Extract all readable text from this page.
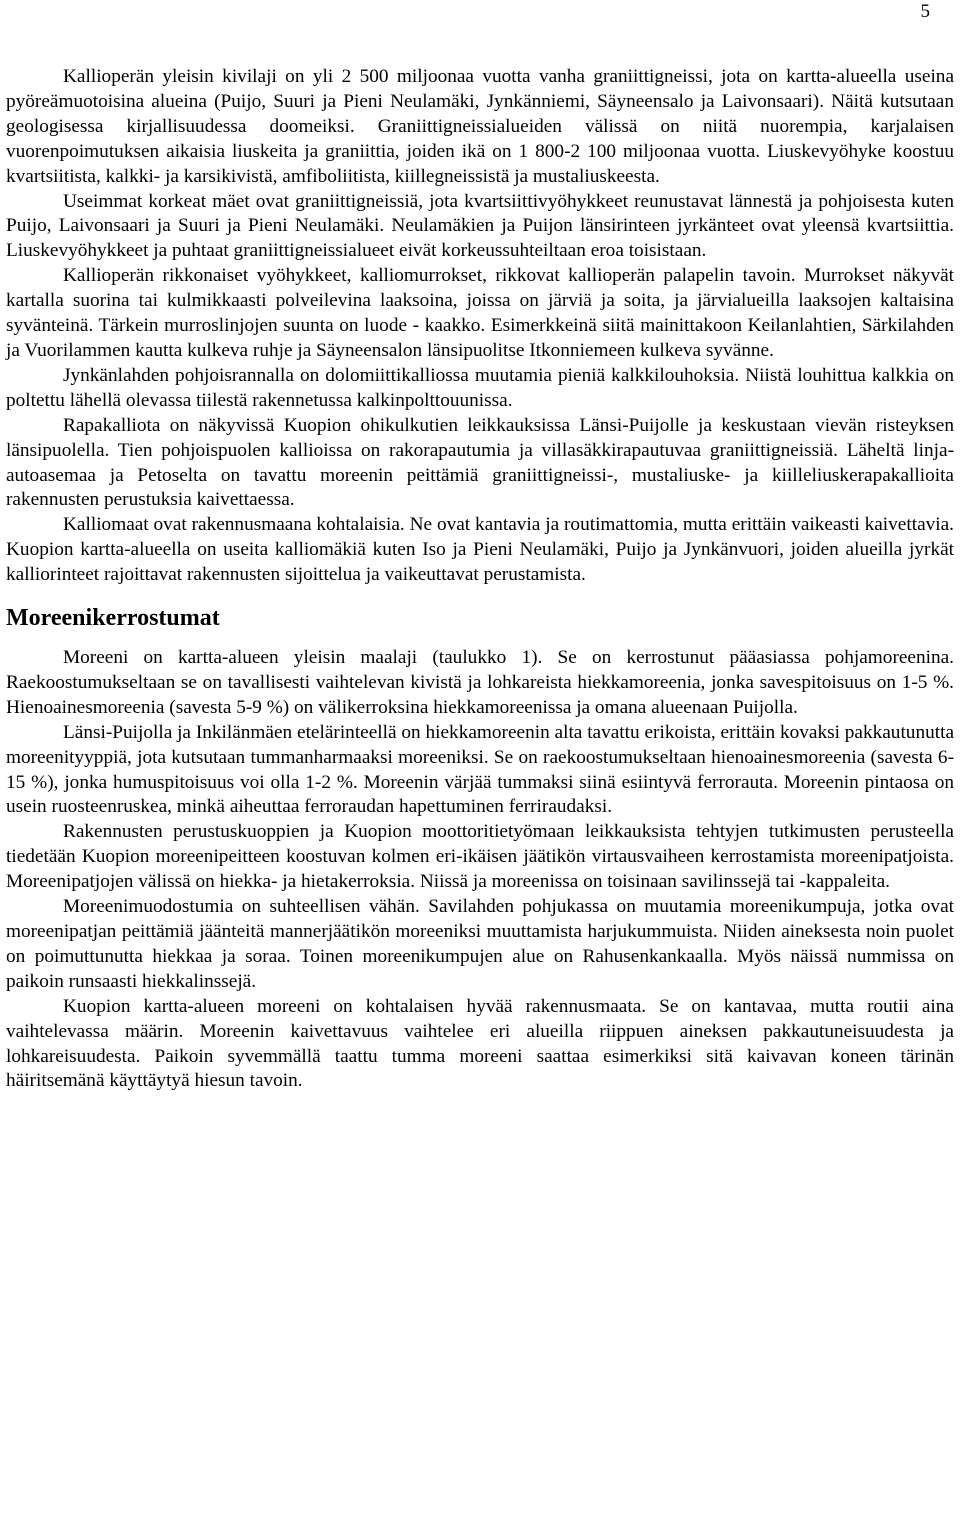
5

Kallioperän yleisin kivilaji on yli 2 500 miljoonaa vuotta vanha graniittigneissi, jota on kartta-alueella useina pyöreämuotoisina alueina (Puijo, Suuri ja Pieni Neulamäki, Jynkänniemi, Säyneensalo ja Laivonsaari). Näitä kutsutaan geologisessa kirjallisuudessa doomeiksi. Graniittigneissialueiden välissä on niitä nuorempia, karjalaisen vuorenpoimutuksen aikaisia liuskeita ja graniittia, joiden ikä on 1 800-2 100 miljoonaa vuotta. Liuskevyöhyke koostuu kvartsiitista, kalkki- ja karsikivistä, amfiboliitista, kiillegneissistä ja mustaliuskeesta.

Useimmat korkeat mäet ovat graniittigneissiä, jota kvartsiittivyöhykkeet reunustavat lännestä ja pohjoisesta kuten Puijo, Laivonsaari ja Suuri ja Pieni Neulamäki. Neulamäkien ja Puijon länsirinteen jyrkänteet ovat yleensä kvartsiittia. Liuskevyöhykkeet ja puhtaat graniittigneissialueet eivät korkeussuhteiltaan eroa toisistaan.

Kallioperän rikkonaiset vyöhykkeet, kalliomurrokset, rikkovat kallioperän palapelin tavoin. Murrokset näkyvät kartalla suorina tai kulmikkaasti polveilevina laaksoina, joissa on järviä ja soita, ja järvialueilla laaksojen kaltaisina syvänteinä. Tärkein murroslinjojen suunta on luode - kaakko. Esimerkkeinä siitä mainittakoon Keilanlahtien, Särkilahden ja Vuorilammen kautta kulkeva ruhje ja Säyneensalon länsipuolitse Itkonniemeen kulkeva syvänne.

Jynkänlahden pohjoisrannalla on dolomiittikalliossa muutamia pieniä kalkkilouhoksia. Niistä louhittua kalkkia on poltettu lähellä olevassa tiilestä rakennetussa kalkinpolttouunissa.

Rapakalliota on näkyvissä Kuopion ohikulkutien leikkauksissa Länsi-Puijolle ja keskustaan vievän risteyksen länsipuolella. Tien pohjoispuolen kallioissa on rakorapautumia ja villasäkkirapautuvaa graniittigneissiä. Läheltä linja-autoasemaa ja Petoselta on tavattu moreenin peittämiä graniittigneissi-, mustaliuske- ja kiilleliuskerapakallioita rakennusten perustuksia kaivettaessa.

Kalliomaat ovat rakennusmaana kohtalaisia. Ne ovat kantavia ja routimattomia, mutta erittäin vaikeasti kaivettavia. Kuopion kartta-alueella on useita kalliomäkiä kuten Iso ja Pieni Neulamäki, Puijo ja Jynkänvuori, joiden alueilla jyrkät kalliorinteet rajoittavat rakennusten sijoittelua ja vaikeuttavat perustamista.

Moreenikerrostumat

Moreeni on kartta-alueen yleisin maalaji (taulukko 1). Se on kerrostunut pääasiassa pohjamoreenina. Raekoostumukseltaan se on tavallisesti vaihtelevan kivistä ja lohkareista hiekkamoreenia, jonka savespitoisuus on 1-5 %. Hienoainesmoreenia (savesta 5-9 %) on välikerroksina hiekkamoreenissa ja omana alueenaan Puijolla.

Länsi-Puijolla ja Inkilänmäen etelärinteellä on hiekkamoreenin alta tavattu erikoista, erittäin kovaksi pakkautunutta moreenityyppiä, jota kutsutaan tummanharmaaksi moreeniksi. Se on raekoostumukseltaan hienoainesmoreenia (savesta 6-15 %), jonka humuspitoisuus voi olla 1-2 %. Moreenin värjää tummaksi siinä esiintyvä ferrorauta. Moreenin pintaosa on usein ruosteenruskea, minkä aiheuttaa ferroraudan hapettuminen ferriraudaksi.

Rakennusten perustuskuoppien ja Kuopion moottoritietyömaan leikkauksista tehtyjen tutkimusten perusteella tiedetään Kuopion moreenipeitteen koostuvan kolmen eri-ikäisen jäätikön virtausvaiheen kerrostamista moreenipatjoista. Moreenipatjojen välissä on hiekka- ja hietakerroksia. Niissä ja moreenissa on toisinaan savilinssejä tai -kappaleita.

Moreenimuodostumia on suhteellisen vähän. Savilahden pohjukassa on muutamia moreenikumpuja, jotka ovat moreenipatjan peittämiä jäänteitä mannerjäätikön moreeniksi muuttamista harjukummuista. Niiden aineksesta noin puolet on poimuttunutta hiekkaa ja soraa. Toinen moreenikumpujen alue on Rahusenkankaalla. Myös näissä nummissa on paikoin runsaasti hiekkalinssejä.

Kuopion kartta-alueen moreeni on kohtalaisen hyvää rakennusmaata. Se on kantavaa, mutta routii aina vaihtelevassa määrin. Moreenin kaivettavuus vaihtelee eri alueilla riippuen aineksen pakkautuneisuudesta ja lohkareisuudesta. Paikoin syvemmällä taattu tumma moreeni saattaa esimerkiksi sitä kaivavan koneen tärinän häiritsemänä käyttäytyä hiesun tavoin.
